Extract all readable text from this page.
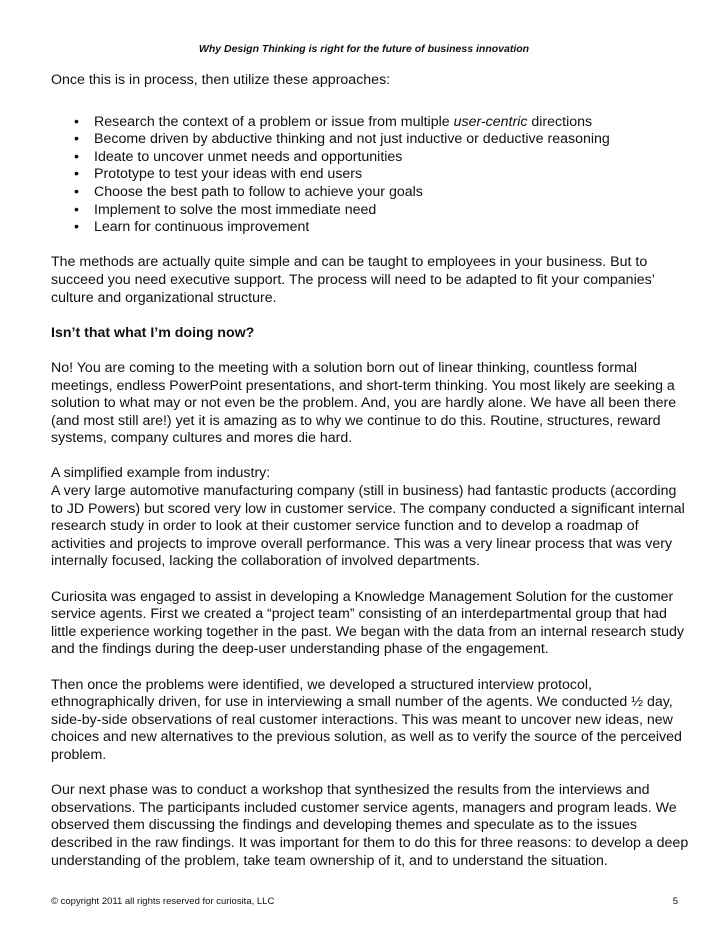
Why Design Thinking is right for the future of business innovation

Once this is in process, then utilize these approaches:

• Research the context of a problem or issue from multiple user-centric directions
• Become driven by abductive thinking and not just inductive or deductive reasoning
• Ideate to uncover unmet needs and opportunities
• Prototype to test your ideas with end users
• Choose the best path to follow to achieve your goals
• Implement to solve the most immediate need
• Learn for continuous improvement

The methods are actually quite simple and can be taught to employees in your business. But to succeed you need executive support. The process will need to be adapted to fit your companies’ culture and organizational structure.

Isn’t that what I’m doing now?

No! You are coming to the meeting with a solution born out of linear thinking, countless formal meetings, endless PowerPoint presentations, and short-term thinking. You most likely are seeking a solution to what may or not even be the problem. And, you are hardly alone. We have all been there (and most still are!) yet it is amazing as to why we continue to do this. Routine, structures, reward systems, company cultures and mores die hard.

A simplified example from industry:
A very large automotive manufacturing company (still in business) had fantastic products (according to JD Powers) but scored very low in customer service. The company conducted a significant internal research study in order to look at their customer service function and to develop a roadmap of activities and projects to improve overall performance. This was a very linear process that was very internally focused, lacking the collaboration of involved departments.

Curiosita was engaged to assist in developing a Knowledge Management Solution for the customer service agents. First we created a “project team” consisting of an interdepartmental group that had little experience working together in the past. We began with the data from an internal research study and the findings during the deep-user understanding phase of the engagement.

Then once the problems were identified, we developed a structured interview protocol, ethnographically driven, for use in interviewing a small number of the agents. We conducted ½ day, side-by-side observations of real customer interactions. This was meant to uncover new ideas, new choices and new alternatives to the previous solution, as well as to verify the source of the perceived problem.

Our next phase was to conduct a workshop that synthesized the results from the interviews and observations. The participants included customer service agents, managers and program leads. We observed them discussing the findings and developing themes and speculate as to the issues described in the raw findings. It was important for them to do this for three reasons: to develop a deep understanding of the problem, take team ownership of it, and to understand the situation.

© copyright 2011 all rights reserved for curiosita, LLC	5
